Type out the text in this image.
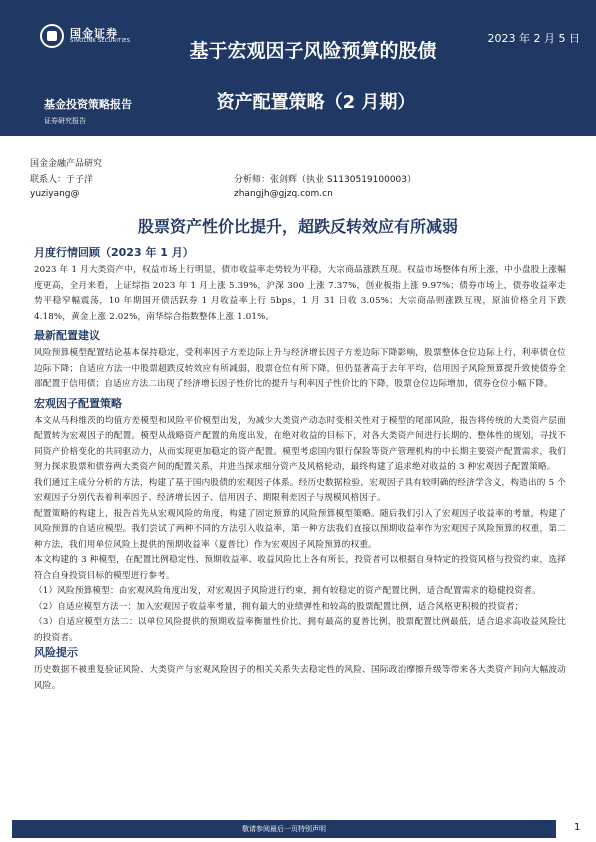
国金证券
SINOLINK SECURITIES	2023 年 2 月 5 日
基于宏观因子风险预算的股债
资产配置策略（2 月期）
基金投资策略报告
证券研究报告
国金金融产品研究
联系人：于子洋	分析师：张剑辉（执业 S1130519100003）
yuziyang@	zhangjh@gjzq.com.cn
股票资产性价比提升，超跌反转效应有所减弱
月度行情回顾（2023 年 1 月）

2023 年 1 月大类资产中，权益市场上行明显，债市收益率走势较为平稳，大宗商品涨跌互现。权益市场整体有所上涨，中小盘股上涨幅度更高，全月来看，上证综指 2023 年 1 月上涨 5.39%，沪深 300 上涨 7.37%，创业板指上涨 9.97%；债券市场上，债券收益率走势平稳窄幅震荡，10 年期国开债活跃券 1 月收益率上行 5bps，1 月 31 日收 3.05%；大宗商品则涨跌互现，原油价格全月下跌 4.18%，黄金上涨 2.02%，南华综合指数整体上涨 1.01%。

最新配置建议

风险预算模型配置结论基本保持稳定，受利率因子方差边际上升与经济增长因子方差边际下降影响，股票整体仓位边际上行，利率债仓位边际下降；自适应方法一中股票超跌反转效应有所减弱，股票仓位有所下降，但仍显著高于去年平均，信用因子风险预算提升致使债券全部配置于信用债；自适应方法二出现了经济增长因子性价比的提升与利率因子性价比的下降，股票仓位边际增加，债券仓位小幅下降。

宏观因子配置策略

本文从马科维茨的均值方差模型和风险平价模型出发，为减少大类资产动态时变相关性对于模型的尾部风险，报告将传统的大类资产层面配置转为宏观因子的配置。模型从战略资产配置的角度出发，在绝对收益的目标下，对各大类资产间进行长期的、整体性的规划，寻找不同资产价格变化的共同驱动力，从而实现更加稳定的资产配置。模型考虑国内银行保险等资产管理机构的中长期主要资产配置需求，我们努力探求股票和债券两大类资产间的配置关系，并进当探求细分资产及风格轮动，最终构建了追求绝对收益的 3 种宏观因子配置策略。

我们通过主成分分析的方法，构建了基于国内股债的宏观因子体系。经历史数据检验，宏观因子具有较明确的经济学含义，构造出的 5 个宏观因子分别代表着利率因子、经济增长因子、信用因子、期限利差因子与规模风格因子。

配置策略的构建上，报告首先从宏观风险的角度，构建了固定预算的风险预算模型策略。随后我们引入了宏观因子收益率的考量，构建了风险预算的自适应模型。我们尝试了两种不同的方法引入收益率，第一种方法我们直接以预期收益率作为宏观因子风险预算的权重，第二种方法，我们用单位风险上提供的预期收益率（夏普比）作为宏观因子风险预算的权重。

本文构建的 3 种模型，在配置比例稳定性、预期收益率、收益风险比上各有所长，投资者可以根据自身特定的投资风格与投资约束，选择符合自身投资目标的模型进行参考。

（1）风险预算模型：由宏观风险角度出发，对宏观因子风险进行约束，拥有较稳定的资产配置比例，适合配置需求的稳健投资者。

（2）自适应模型方法一：加入宏观因子收益率考量，拥有最大的业绩弹性和较高的股票配置比例，适合风格更积极的投资者；

（3）自适应模型方法二：以单位风险提供的预期收益率衡量性价比，拥有最高的夏普比例，股票配置比例最低，适合追求高收益风险比的投资者。

风险提示

历史数据不被重复验证风险、大类资产与宏观风险因子的相关关系失去稳定性的风险、国际政治摩擦升级等带来各大类资产间向大幅波动风险。

敬请参阅最后一页特别声明	1
